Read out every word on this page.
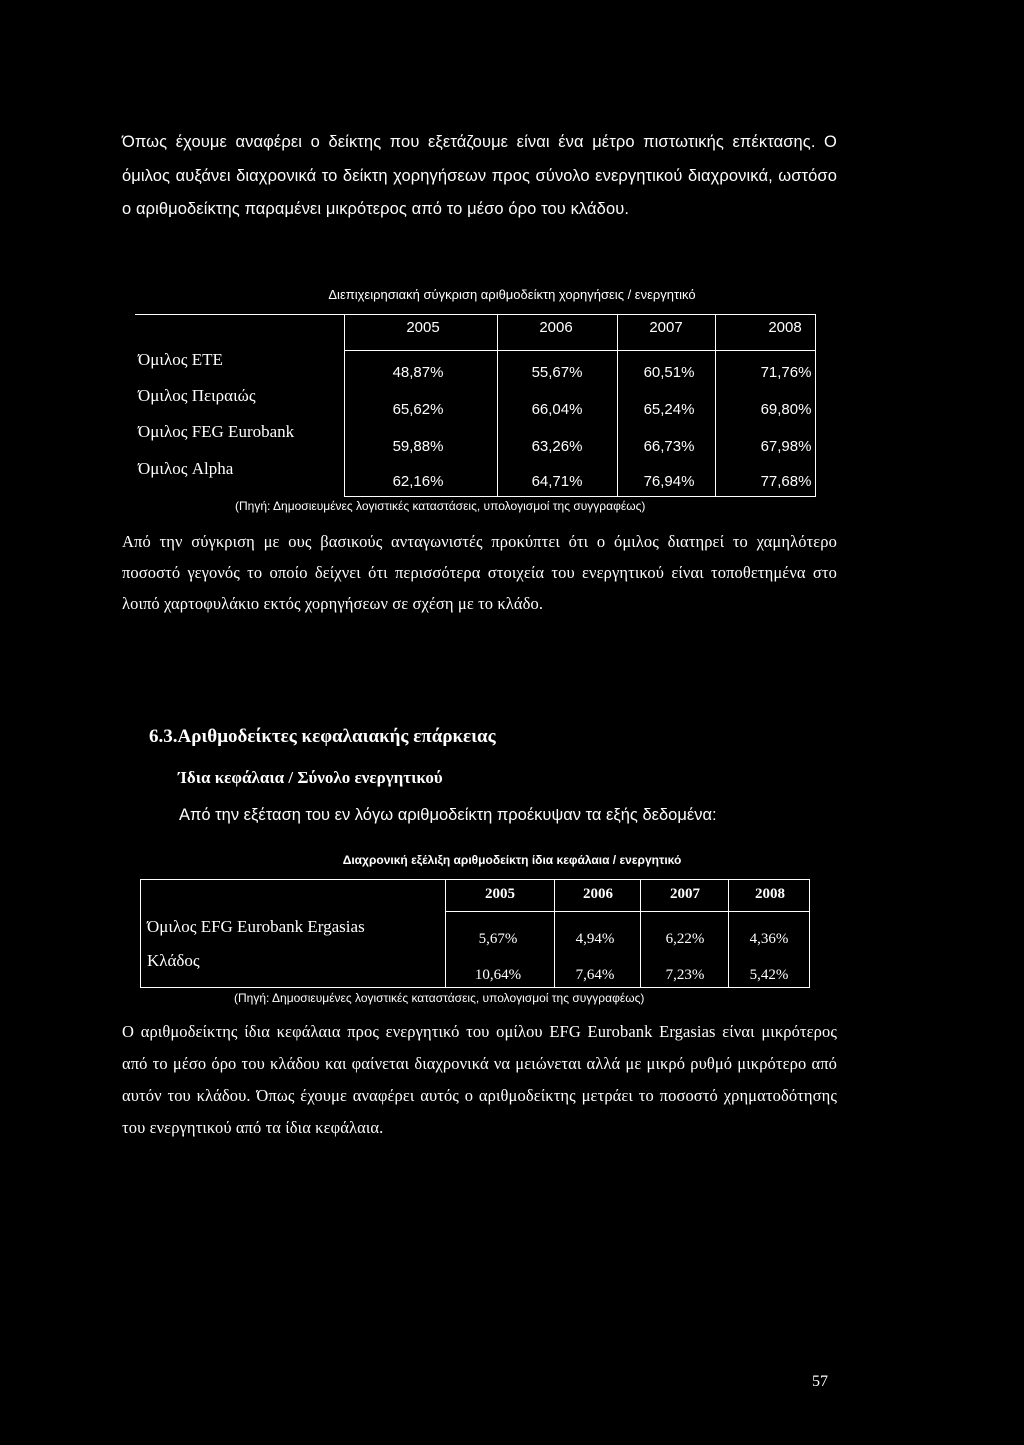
Όπως έχουμε αναφέρει ο δείκτης που εξετάζουμε είναι ένα μέτρο πιστωτικής επέκτασης. Ο όμιλος αυξάνει διαχρονικά το δείκτη χορηγήσεων προς σύνολο ενεργητικού διαχρονικά, ωστόσο ο αριθμοδείκτης παραμένει μικρότερος από το μέσο όρο του κλάδου.

Διεπιχειρησιακή σύγκριση αριθμοδείκτη χορηγήσεις / ενεργητικό
2005	2006	2007	2008
Όμιλος ΕΤΕ
48,87%	55,67%	60,51%	71,76%
Όμιλος Πειραιώς
65,62%	66,04%	65,24%	69,80%
Όμιλος FEG Eurobank
59,88%	63,26%	66,73%	67,98%
Όμιλος Alpha
62,16%	64,71%	76,94%	77,68%
(Πηγή: Δημοσιευμένες λογιστικές καταστάσεις, υπολογισμοί της συγγραφέως)

Από την σύγκριση με ους βασικούς ανταγωνιστές προκύπτει ότι ο όμιλος διατηρεί το χαμηλότερο ποσοστό γεγονός το οποίο δείχνει ότι περισσότερα στοιχεία του ενεργητικού είναι τοποθετημένα στο λοιπό χαρτοφυλάκιο εκτός χορηγήσεων σε σχέση με το κλάδο.

6.3.Αριθμοδείκτες κεφαλαιακής επάρκειας
Ίδια κεφάλαια / Σύνολο ενεργητικού
Από την εξέταση του εν λόγω αριθμοδείκτη προέκυψαν τα εξής δεδομένα:
Διαχρονική εξέλιξη αριθμοδείκτη ίδια κεφάλαια / ενεργητικό
2005	2006	2007	2008
Όμιλος EFG Eurobank Ergasias
5,67%	4,94%	6,22%	4,36%
Κλάδος
10,64%	7,64%	7,23%	5,42%
(Πηγή: Δημοσιευμένες λογιστικές καταστάσεις, υπολογισμοί της συγγραφέως)

Ο αριθμοδείκτης ίδια κεφάλαια προς ενεργητικό του ομίλου EFG Eurobank Ergasias είναι μικρότερος από το μέσο όρο του κλάδου και φαίνεται διαχρονικά να μειώνεται αλλά με μικρό ρυθμό μικρότερο από αυτόν του κλάδου. Όπως έχουμε αναφέρει αυτός ο αριθμοδείκτης μετράει το ποσοστό χρηματοδότησης του ενεργητικού από τα ίδια κεφάλαια.

57
